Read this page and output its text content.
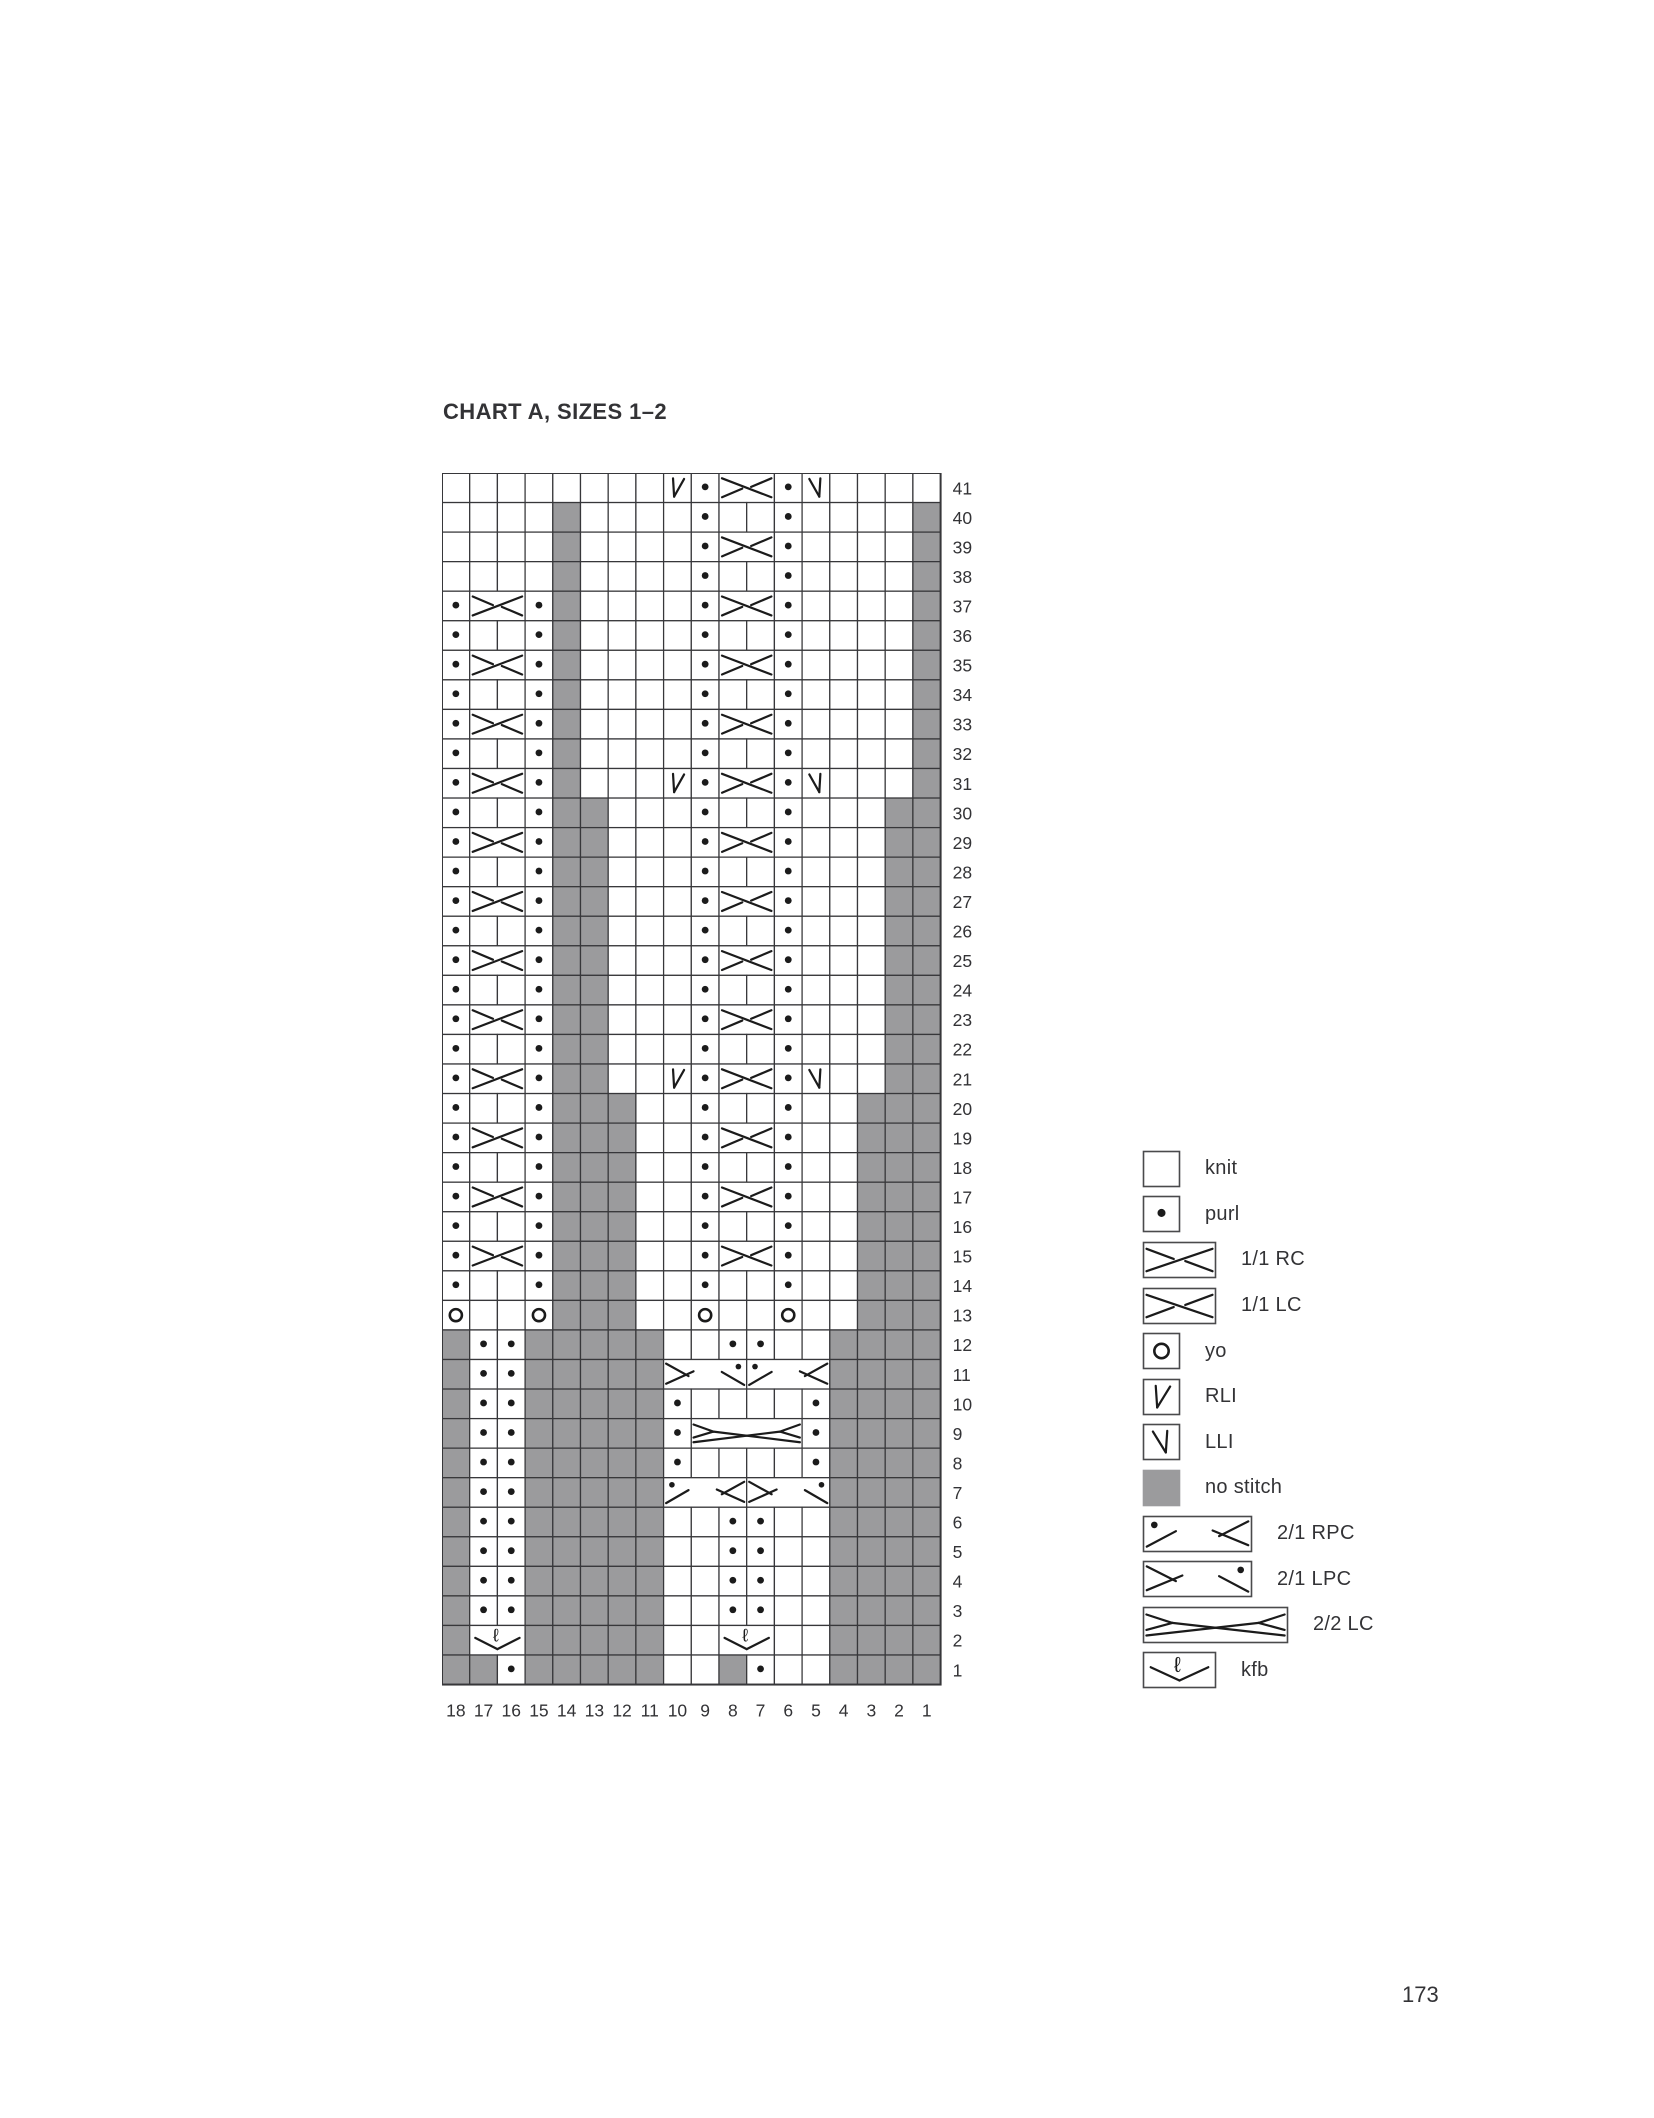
CHART A, SIZES 1–2
ℓ	ℓ
41
40
39
38
37
36
35
34
33
32
31
30
29
28
27
26
25
24
23
22
21
20
19
18
17
16
15
14
13
12
11
10
9
8
7
6
5
4
3
2
1
18 17 16 15 14 13 12 11 10 9 8 7 6 5 4 3 2 1
knit
purl
1/1 RC
1/1 LC
yo
RLI
LLI
no stitch
2/1 RPC
2/1 LPC
2/2 LC
ℓ	kfb
173
